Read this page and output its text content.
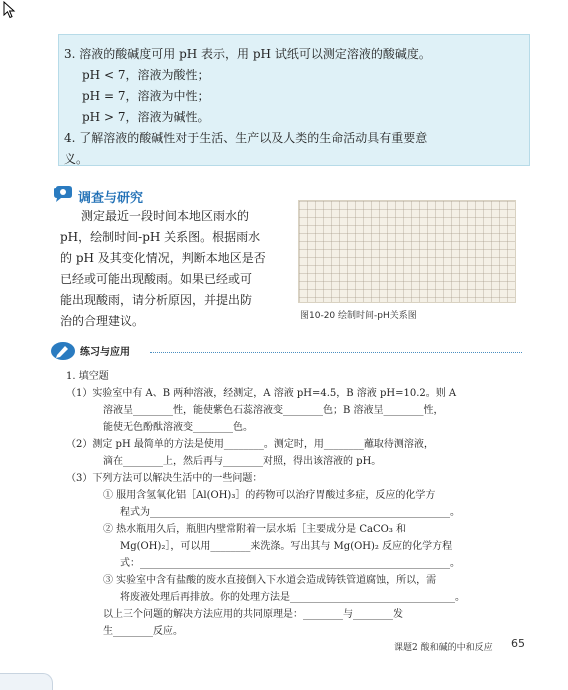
3. 溶液的酸碱度可用 pH 表示，用 pH 试纸可以测定溶液的酸碱度。
pH < 7，溶液为酸性；
pH = 7，溶液为中性；
pH > 7，溶液为碱性。
4. 了解溶液的酸碱性对于生活、生产以及人类的生命活动具有重要意
义。
调查与研究
测定最近一段时间本地区雨水的
pH，绘制时间-pH 关系图。根据雨水
的 pH 及其变化情况，判断本地区是否
已经或可能出现酸雨。如果已经或可
能出现酸雨，请分析原因，并提出防
治的合理建议。	图10-20 绘制时间-pH关系图
练习与应用
1. 填空题
（1）实验室中有 A、B 两种溶液，经测定，A 溶液 pH=4.5，B 溶液 pH=10.2。则 A
溶液呈________性，能使紫色石蕊溶液变________色；B 溶液呈________性，
能使无色酚酞溶液变________色。
（2）测定 pH 最简单的方法是使用________。测定时，用________蘸取待测溶液，
滴在________上，然后再与________对照，得出该溶液的 pH。
（3）下列方法可以解决生活中的一些问题：
① 服用含氢氧化铝［Al(OH)₃］的药物可以治疗胃酸过多症，反应的化学方
程式为____________________________________________________________。
② 热水瓶用久后，瓶胆内壁常附着一层水垢［主要成分是 CaCO₃ 和
Mg(OH)₂］，可以用________来洗涤。写出其与 Mg(OH)₂ 反应的化学方程
式：______________________________________________________________。
③ 实验室中含有盐酸的废水直接倒入下水道会造成铸铁管道腐蚀，所以，需
将废液处理后再排放。你的处理方法是_________________________________。
以上三个问题的解决方法应用的共同原理是：________与________发
生________反应。
课题2 酸和碱的中和反应 65
